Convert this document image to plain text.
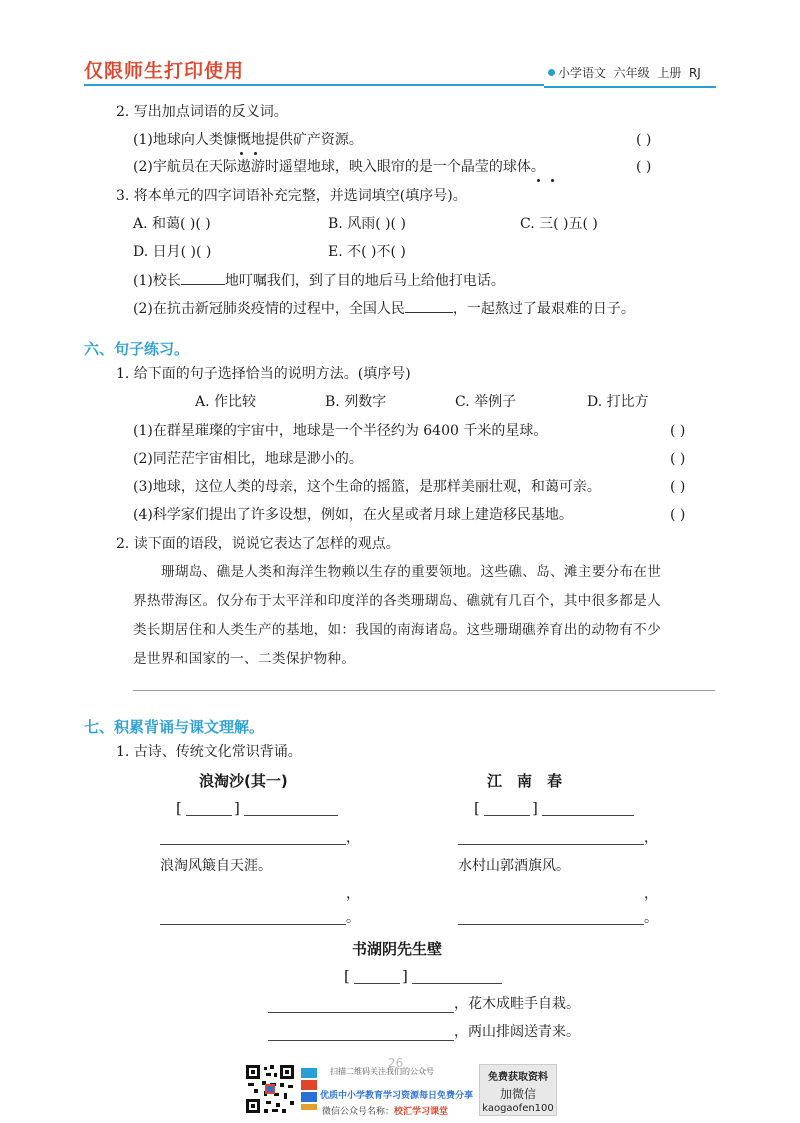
仅限师生打印使用	小学语文 六年级 上册 RJ
2. 写出加点词语的反义词。
(1)地球向人类慷慨地提供矿产资源。	( )
(2)宇航员在天际遨游时遥望地球，映入眼帘的是一个晶莹的球体。	( )
3. 将本单元的四字词语补充完整，并选词填空(填序号)。
A. 和蔼( )( )	B. 风雨( )( )	C. 三( )五( )
D. 日月( )( )	E. 不( )不( )
(1)校长	地叮嘱我们，到了目的地后马上给他打电话。
(2)在抗击新冠肺炎疫情的过程中，全国人民	，一起熬过了最艰难的日子。
六、句子练习。
1. 给下面的句子选择恰当的说明方法。(填序号)
A. 作比较	B. 列数字	C. 举例子	D. 打比方
(1)在群星璀璨的宇宙中，地球是一个半径约为 6400 千米的星球。	( )
(2)同茫茫宇宙相比，地球是渺小的。	( )
(3)地球，这位人类的母亲，这个生命的摇篮，是那样美丽壮观，和蔼可亲。	( )
(4)科学家们提出了许多设想，例如，在火星或者月球上建造移民基地。	( )
2. 读下面的语段，说说它表达了怎样的观点。
珊瑚岛、礁是人类和海洋生物赖以生存的重要领地。这些礁、岛、滩主要分布在世
界热带海区。仅分布于太平洋和印度洋的各类珊瑚岛、礁就有几百个，其中很多都是人
类长期居住和人类生产的基地，如：我国的南海诸岛。这些珊瑚礁养育出的动物有不少
是世界和国家的一、二类保护物种。
七、积累背诵与课文理解。
1. 古诗、传统文化常识背诵。
浪淘沙(其一)
[	]
，
浪淘风簸自天涯。
，
。
江　南　春
[	]
，
水村山郭酒旗风。
，
。
书湖阴先生壁
[	]
，花木成畦手自栽。
，两山排闼送青来。
26
扫描二维码关注我们的公众号
优质中小学教育学习资源每日免费分享
微信公众号名称：校汇学习课堂
免费获取资料
加微信
kaogaofen100
